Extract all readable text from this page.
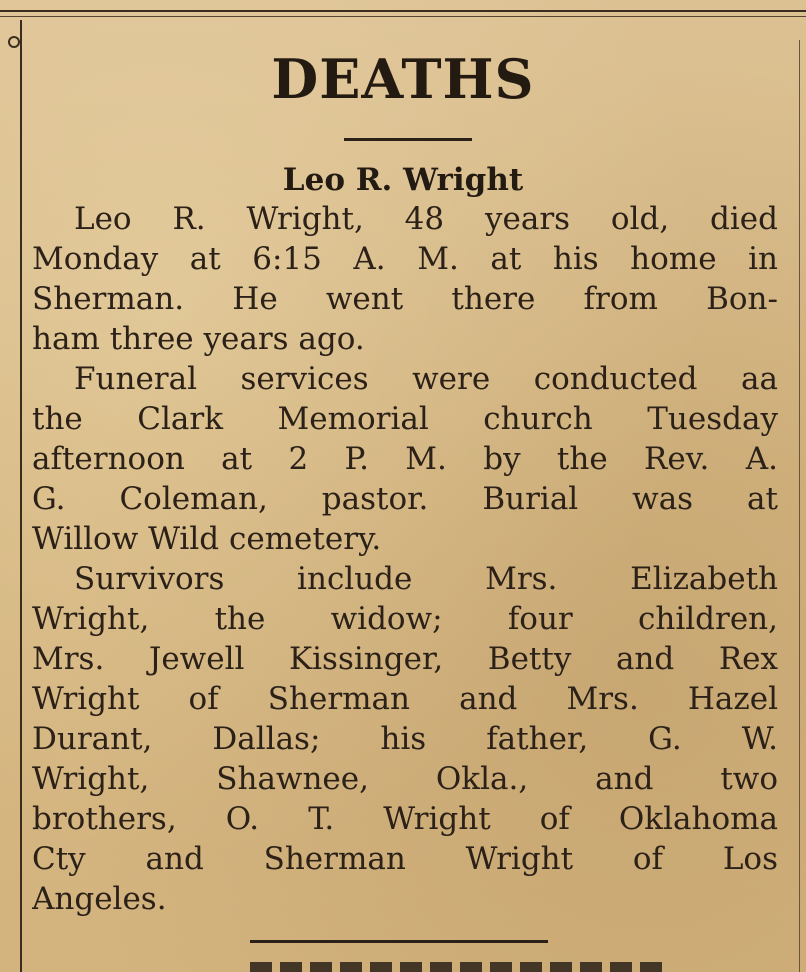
DEATHS
Leo R. Wright
Leo R. Wright, 48 years old, died
Monday at 6:15 A. M. at his home in
Sherman. He went there from Bon-
ham three years ago.
Funeral services were conducted aa
the Clark Memorial church Tuesday
afternoon at 2 P. M. by the Rev. A.
G. Coleman, pastor. Burial was at
Willow Wild cemetery.
Survivors include Mrs. Elizabeth
Wright, the widow; four children,
Mrs. Jewell Kissinger, Betty and Rex
Wright of Sherman and Mrs. Hazel
Durant, Dallas; his father, G. W.
Wright, Shawnee, Okla., and two
brothers, O. T. Wright of Oklahoma
Cty and Sherman Wright of Los
Angeles.
